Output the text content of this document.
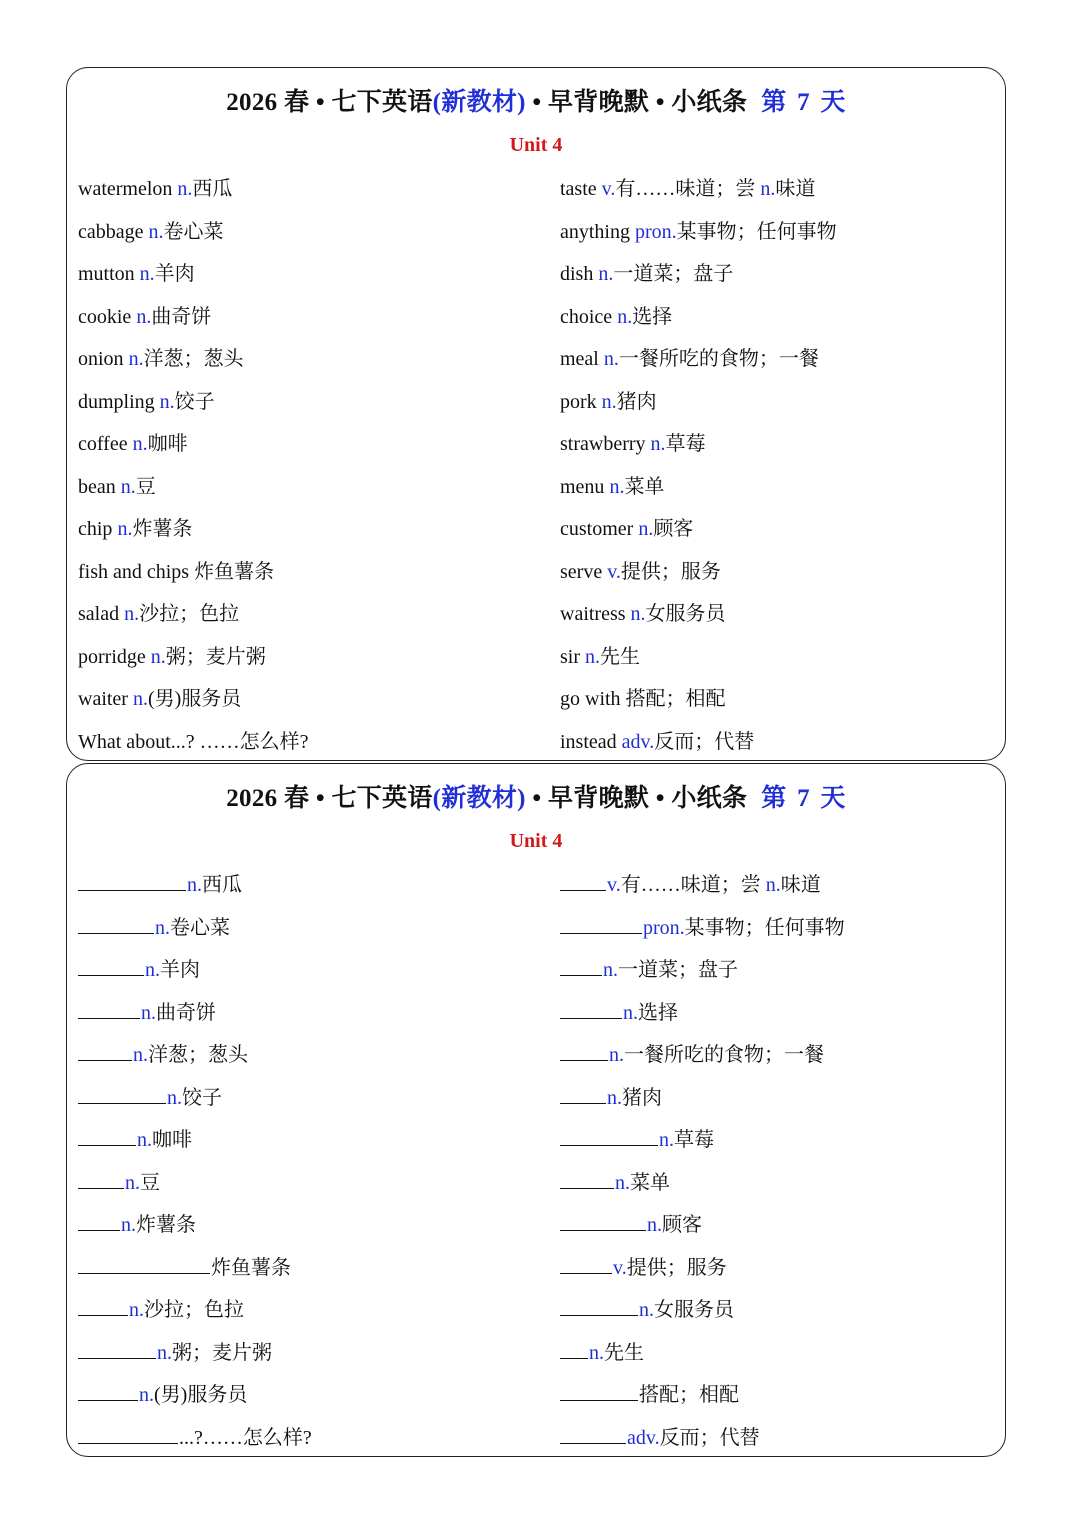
2026 春 • 七下英语(新教材) • 早背晚默 • 小纸条 第 7 天
Unit 4
watermelon n.西瓜
cabbage n.卷心菜
mutton n.羊肉
cookie n.曲奇饼
onion n.洋葱；葱头
dumpling n.饺子
coffee n.咖啡
bean n.豆
chip n.炸薯条
fish and chips 炸鱼薯条
salad n.沙拉；色拉
porridge n.粥；麦片粥
waiter n.(男)服务员
What about...? ……怎么样?
taste v.有……味道；尝 n.味道
anything pron.某事物；任何事物
dish n.一道菜；盘子
choice n.选择
meal n.一餐所吃的食物；一餐
pork n.猪肉
strawberry n.草莓
menu n.菜单
customer n.顾客
serve v.提供；服务
waitress n.女服务员
sir n.先生
go with 搭配；相配
instead adv.反而；代替
2026 春 • 七下英语(新教材) • 早背晚默 • 小纸条 第 7 天
Unit 4
n.西瓜
n.卷心菜
n.羊肉
n.曲奇饼
n.洋葱；葱头
n.饺子
n.咖啡
n.豆
n.炸薯条
炸鱼薯条
n.沙拉；色拉
n.粥；麦片粥
n.(男)服务员
...?……怎么样?
v.有……味道；尝 n.味道
pron.某事物；任何事物
n.一道菜；盘子
n.选择
n.一餐所吃的食物；一餐
n.猪肉
n.草莓
n.菜单
n.顾客
v.提供；服务
n.女服务员
n.先生
搭配；相配
adv.反而；代替
